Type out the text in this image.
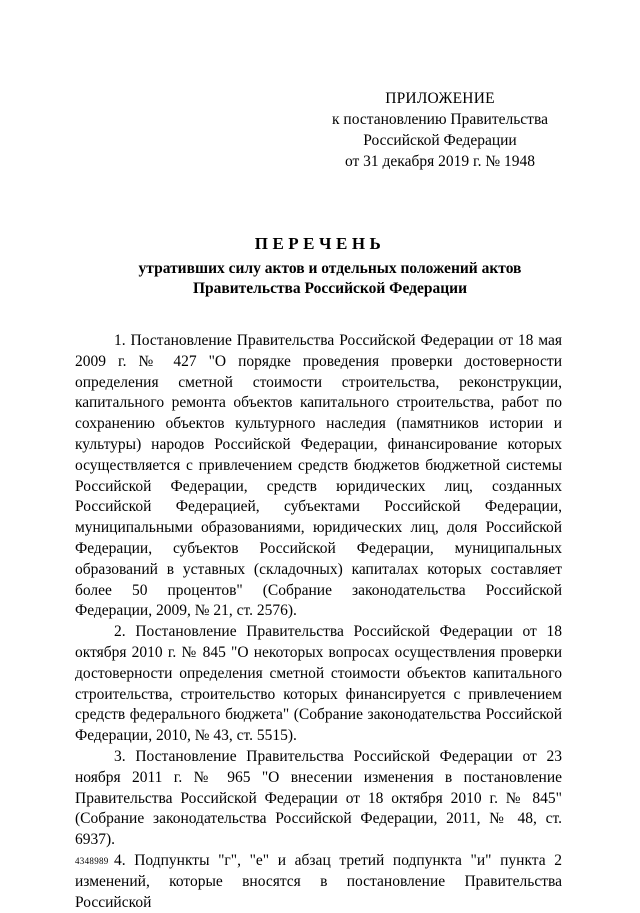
ПРИЛОЖЕНИЕ
к постановлению Правительства
Российской Федерации
от 31 декабря 2019 г. № 1948
ПЕРЕЧЕНЬ
утративших силу актов и отдельных положений актов
Правительства Российской Федерации

1. Постановление Правительства Российской Федерации от 18 мая 2009 г. № 427 "О порядке проведения проверки достоверности определения сметной стоимости строительства, реконструкции, капитального ремонта объектов капитального строительства, работ по сохранению объектов культурного наследия (памятников истории и культуры) народов Российской Федерации, финансирование которых осуществляется с привлечением средств бюджетов бюджетной системы Российской Федерации, средств юридических лиц, созданных Российской Федерацией, субъектами Российской Федерации, муниципальными образованиями, юридических лиц, доля Российской Федерации, субъектов Российской Федерации, муниципальных образований в уставных (складочных) капиталах которых составляет более 50 процентов" (Собрание законодательства Российской Федерации, 2009, № 21, ст. 2576).

2. Постановление Правительства Российской Федерации от 18 октября 2010 г. № 845 "О некоторых вопросах осуществления проверки достоверности определения сметной стоимости объектов капитального строительства, строительство которых финансируется с привлечением средств федерального бюджета" (Собрание законодательства Российской Федерации, 2010, № 43, ст. 5515).

3. Постановление Правительства Российской Федерации от 23 ноября 2011 г. № 965 "О внесении изменения в постановление Правительства Российской Федерации от 18 октября 2010 г. № 845" (Собрание законодательства Российской Федерации, 2011, № 48, ст. 6937).

4. Подпункты "г", "е" и абзац третий подпункта "и" пункта 2 изменений, которые вносятся в постановление Правительства Российской

4348989
